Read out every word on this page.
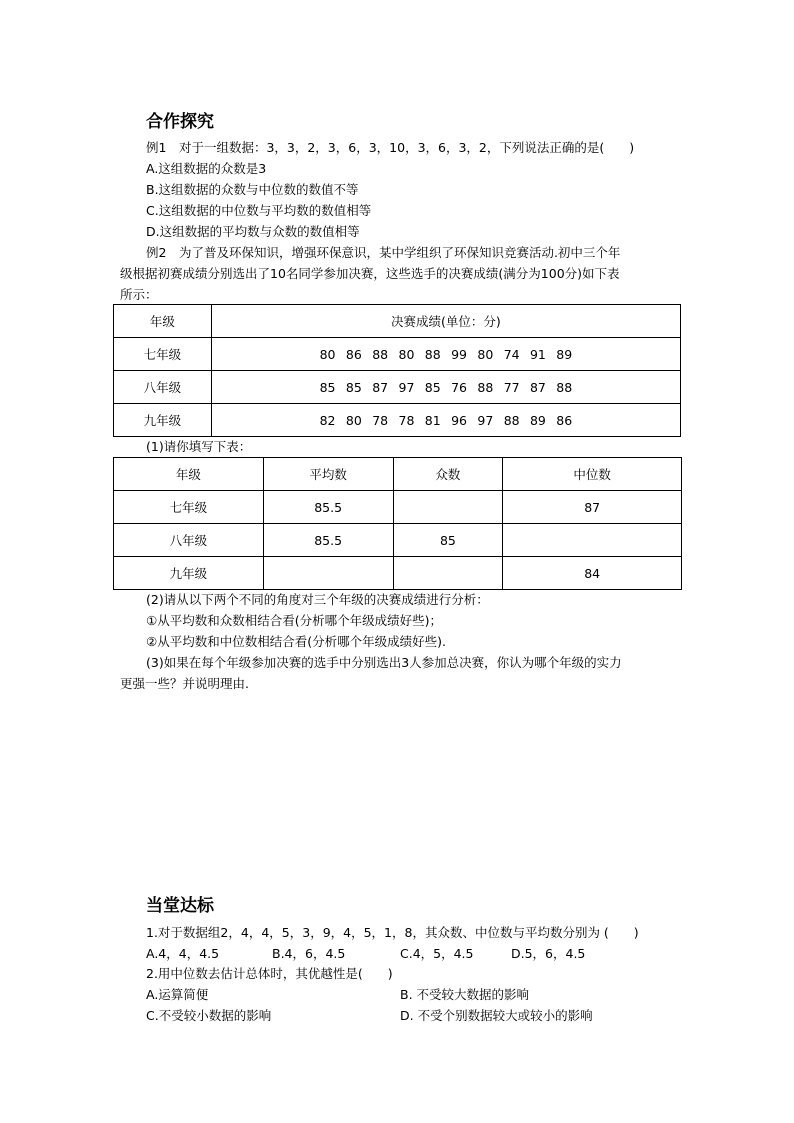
合作探究
例1　对于一组数据：3，3，2，3，6，3，10，3，6，3，2，下列说法正确的是(　　)
A.这组数据的众数是3
B.这组数据的众数与中位数的数值不等
C.这组数据的中位数与平均数的数值相等
D.这组数据的平均数与众数的数值相等
例2　为了普及环保知识，增强环保意识，某中学组织了环保知识竞赛活动.初中三个年
级根据初赛成绩分别选出了10名同学参加决赛，这些选手的决赛成绩(满分为100分)如下表
所示：
年级	决赛成绩(单位：分)
七年级	80 86 88 80 88 99 80 74 91 89
八年级	85 85 87 97 85 76 88 77 87 88
九年级	82 80 78 78 81 96 97 88 89 86
(1)请你填写下表：
年级	平均数	众数	中位数
七年级	85.5		87
八年级	85.5	85	
九年级			84
(2)请从以下两个不同的角度对三个年级的决赛成绩进行分析：
①从平均数和众数相结合看(分析哪个年级成绩好些)；
②从平均数和中位数相结合看(分析哪个年级成绩好些).
(3)如果在每个年级参加决赛的选手中分别选出3人参加总决赛，你认为哪个年级的实力
更强一些？并说明理由.
当堂达标
1.对于数据组2，4，4，5，3，9，4，5，1，8，其众数、中位数与平均数分别为 (　　)
A.4，4，4.5	B.4，6，4.5	C.4，5，4.5	D.5，6，4.5
2.用中位数去估计总体时，其优越性是(　　)
A.运算简便	B. 不受较大数据的影响
C.不受较小数据的影响	D. 不受个别数据较大或较小的影响
